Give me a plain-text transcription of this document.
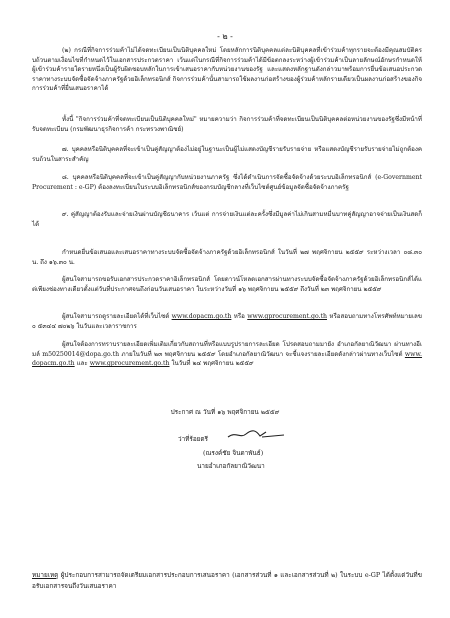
- ๒ -
(๒) กรณีที่กิจการร่วมค้าไม่ได้จดทะเบียนเป็นนิติบุคคลใหม่ โดยหลักการนิติบุคคลแต่ละนิติบุคคลที่เข้าร่วมค้าทุกรายจะต้องมีคุณสมบัติครบถ้วนตามเงื่อนไขที่กำหนดไว้ในเอกสารประกวดราคา เว้นแต่ในกรณีที่กิจการร่วมค้าได้มีข้อตกลงระหว่างผู้เข้าร่วมค้าเป็นลายลักษณ์อักษรกำหนดให้ผู้เข้าร่วมค้ารายใดรายหนึ่งเป็นผู้รับผิดชอบหลักในการเข้าเสนอราคากับหน่วยงานของรัฐ และแสดงหลักฐานดังกล่าวมาพร้อมการยื่นข้อเสนอประกวดราคาทางระบบจัดซื้อจัดจ้างภาครัฐด้วยอิเล็กทรอนิกส์ กิจการร่วมค้านั้นสามารถใช้ผลงานก่อสร้างของผู้ร่วมค้าหลักรายเดียวเป็นผลงานก่อสร้างของกิจการร่วมค้าที่ยื่นเสนอราคาได้
ทั้งนี้ "กิจการร่วมค้าที่จดทะเบียนเป็นนิติบุคคลใหม่" หมายความว่า กิจการร่วมค้าที่จดทะเบียนเป็นนิติบุคคลต่อหน่วยงานของรัฐซึ่งมีหน้าที่รับจดทะเบียน (กรมพัฒนาธุรกิจการค้า กระทรวงพาณิชย์)
๗. บุคคลหรือนิติบุคคลที่จะเข้าเป็นคู่สัญญาต้องไม่อยู่ในฐานะเป็นผู้ไม่แสดงบัญชีรายรับรายจ่าย หรือแสดงบัญชีรายรับรายจ่ายไม่ถูกต้องครบถ้วนในสาระสำคัญ
๘. บุคคลหรือนิติบุคคลที่จะเข้าเป็นคู่สัญญากับหน่วยงานภาครัฐ ซึ่งได้ดำเนินการจัดซื้อจัดจ้างด้วยระบบอิเล็กทรอนิกส์ (e-Government Procurement : e-GP) ต้องลงทะเบียนในระบบอิเล็กทรอนิกส์ของกรมบัญชีกลางที่เว็บไซต์ศูนย์ข้อมูลจัดซื้อจัดจ้างภาครัฐ
๙. คู่สัญญาต้องรับและจ่ายเงินผ่านบัญชีธนาคาร เว้นแต่ การจ่ายเงินแต่ละครั้งซึ่งมีมูลค่าไม่เกินสามหมื่นบาทคู่สัญญาอาจจ่ายเป็นเงินสดก็ได้
กำหนดยื่นข้อเสนอและเสนอราคาทางระบบจัดซื้อจัดจ้างภาครัฐด้วยอิเล็กทรอนิกส์ ในวันที่ ๒๗ พฤศจิกายน ๒๕๕๙ ระหว่างเวลา ๐๘.๓๐ น. ถึง ๑๖.๓๐ น.
ผู้สนใจสามารถขอรับเอกสารประกวดราคาอิเล็กทรอนิกส์ โดยดาวน์โหลดเอกสารผ่านทางระบบจัดซื้อจัดจ้างภาครัฐด้วยอิเล็กทรอนิกส์ได้แต่เพียงช่องทางเดียวตั้งแต่วันที่ประกาศจนถึงก่อนวันเสนอราคา ในระหว่างวันที่ ๑๖ พฤศจิกายน ๒๕๕๙ ถึงวันที่ ๒๓ พฤศจิกายน ๒๕๕๙
ผู้สนใจสามารถดูรายละเอียดได้ที่เว็บไซต์ www.dopacm.go.th หรือ www.gprocurement.go.th หรือสอบถามทางโทรศัพท์หมายเลข ๐ ๕๓๔๔ ๗๐๒๖ ในวันและเวลาราชการ
ผู้สนใจต้องการทราบรายละเอียดเพิ่มเติมเกี่ยวกับสถานที่หรือแบบรูปรายการละเอียด โปรดสอบถามมายัง อำเภอกัลยาณิวัฒนา ผ่านทางอีเมล์ m50250014@dopa.go.th ภายในวันที่ ๒๓ พฤศจิกายน ๒๕๕๙ โดยอำเภอกัลยาณิวัฒนา จะชี้แจงรายละเอียดดังกล่าวผ่านทางเว็บไซต์ www.dopacm.go.th และ www.gprocurement.go.th ในวันที่ ๒๔ พฤศจิกายน ๒๕๕๙
ประกาศ ณ วันที่ ๑๖ พฤศจิกายน ๒๕๕๙
ว่าที่ร้อยตรี
(ณรงค์ชัย จินดาพันธ์)
นายอำเภอกัลยาณิวัฒนา
หมายเหตุ ผู้ประกอบการสามารถจัดเตรียมเอกสารประกอบการเสนอราคา (เอกสารส่วนที่ ๑ และเอกสารส่วนที่ ๒) ในระบบ e-GP ได้ตั้งแต่วันที่ขอรับเอกสารจนถึงวันเสนอราคา
